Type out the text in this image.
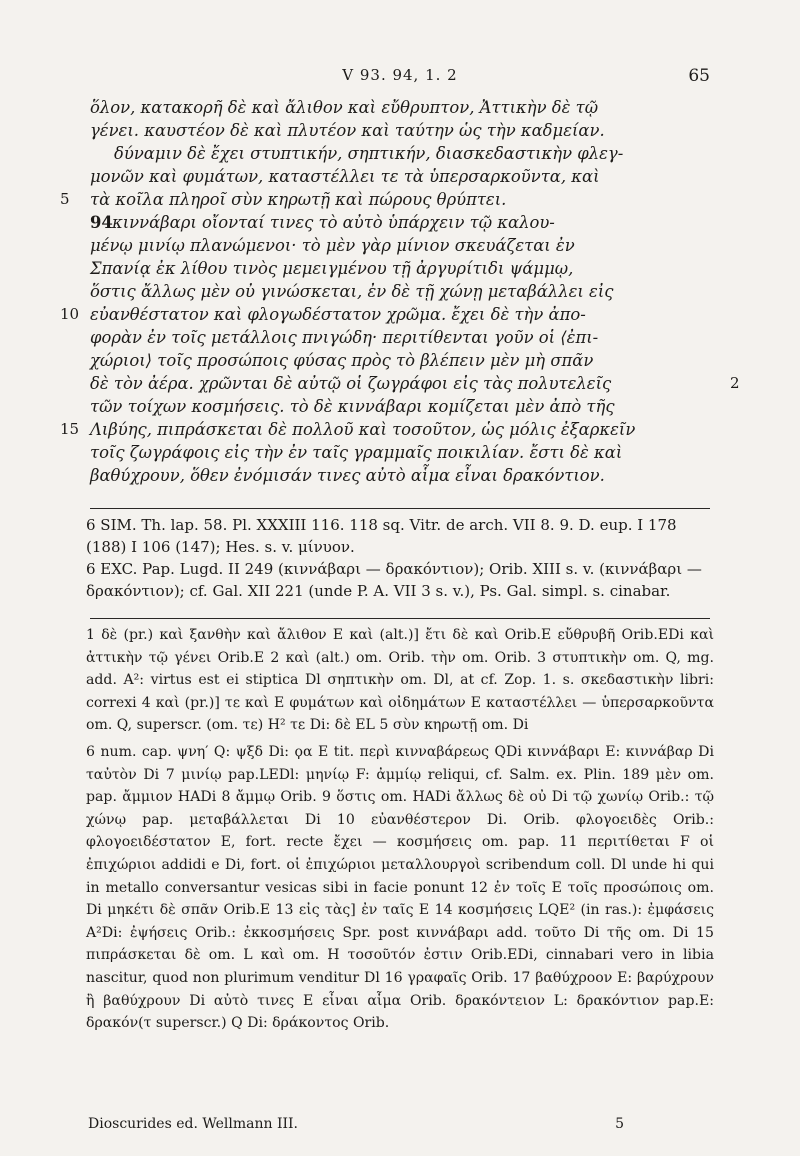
V 93. 94, 1. 2	65
ὅλον, κατακορῆ δὲ καὶ ἄλιθον καὶ εὔθρυπτον, Ἀττικὴν δὲ τῷ
γένει. καυστέον δὲ καὶ πλυτέον καὶ ταύτην ὡς τὴν καδμείαν.
δύναμιν δὲ ἔχει στυπτικήν, σηπτικήν, διασκεδαστικὴν φλεγ-
μονῶν καὶ φυμάτων, καταστέλλει τε τὰ ὑπερσαρκοῦντα, καὶ
5	τὰ κοῖλα πληροῖ σὺν κηρωτῇ καὶ πώρους θρύπτει.
94 κιννάβαρι οἴονταί τινες τὸ αὐτὸ ὑπάρχειν τῷ καλου-
μένῳ μινίῳ πλανώμενοι· τὸ μὲν γὰρ μίνιον σκευάζεται ἐν
Σπανίᾳ ἐκ λίθου τινὸς μεμειγμένου τῇ ἀργυρίτιδι ψάμμῳ,
ὅστις ἄλλως μὲν οὐ γινώσκεται, ἐν δὲ τῇ χώνῃ μεταβάλλει εἰς
10 εὐανθέστατον καὶ φλογωδέστατον χρῶμα. ἔχει δὲ τὴν ἀπο-
φορὰν ἐν τοῖς μετάλλοις πνιγώδη· περιτίθενται γοῦν οἱ ⟨ἐπι-
χώριοι⟩ τοῖς προσώποις φύσας πρὸς τὸ βλέπειν μὲν μὴ σπᾶν
δὲ τὸν ἀέρα. χρῶνται δὲ αὐτῷ οἱ ζωγράφοι εἰς τὰς πολυτελεῖς	2
τῶν τοίχων κοσμήσεις. τὸ δὲ κιννάβαρι κομίζεται μὲν ἀπὸ τῆς
15 Λιβύης, πιπράσκεται δὲ πολλοῦ καὶ τοσοῦτον, ὡς μόλις ἐξαρκεῖν
τοῖς ζωγράφοις εἰς τὴν ἐν ταῖς γραμμαῖς ποικιλίαν. ἔστι δὲ καὶ
βαθύχρουν, ὅθεν ἐνόμισάν τινες αὐτὸ αἷμα εἶναι δρακόντιον.

6 SIM. Th. lap. 58. Pl. XXXIII 116. 118 sq. Vitr. de arch. VII 8. 9. D. eup. I 178 (188) I 106 (147); Hes. s. v. μίνυον.

6 EXC. Pap. Lugd. II 249 (κιννάβαρι — δρακόντιον); Orib. XIII s. v. (κιννάβαρι — δρακόντιον); cf. Gal. XII 221 (unde P. A. VII 3 s. v.), Ps. Gal. simpl. s. cinabar.

1 δὲ (pr.) καὶ ξανθὴν καὶ ἄλιθον E καὶ (alt.)] ἔτι δὲ καὶ Orib.E εὔθρυβῆ Orib.EDi καὶ ἀττικὴν τῷ γένει Orib.E 2 καὶ (alt.) om. Orib. τὴν om. Orib. 3 στυπτικὴν om. Q, mg. add. A²: virtus est ei stiptica Dl σηπτικὴν om. Dl, at cf. Zop. 1. s. σκεδαστικὴν libri: correxi 4 καὶ (pr.)] τε καὶ E φυμάτων καὶ οἰδημάτων E καταστέλλει — ὑπερσαρκοῦντα om. Q, superscr. (om. τε) H² τε Di: δὲ EL 5 σὺν κηρωτῇ om. Di

6 num. cap. ψνη′ Q: ψξδ Di: ϙα E tit. περὶ κινναβάρεως QDi κιννάβαρι E: κιννάβαρ Di ταὐτὸν Di 7 μινίῳ pap.LEDl: μηνίῳ F: ἀμμίῳ reliqui, cf. Salm. ex. Plin. 189 μὲν om. pap. ἄμμιον HADi 8 ἄμμῳ Orib. 9 ὅστις om. HADi ἄλλως δὲ οὐ Di τῷ χωνίῳ Orib.: τῷ χώνῳ pap. μεταβάλλεται Di 10 εὐανθέστερον Di. Orib. φλογοειδὲς Orib.: φλογοειδέστατον E, fort. recte ἔχει — κοσμήσεις om. pap. 11 περιτίθεται F οἱ ἐπιχώριοι addidi e Di, fort. οἱ ἐπιχώριοι μεταλλουργοὶ scribendum coll. Dl unde hi qui in metallo conversantur vesicas sibi in facie ponunt 12 ἐν τοῖς E τοῖς προσώποις om. Di μηκέτι δὲ σπᾶν Orib.E 13 εἰς τὰς] ἐν ταῖς E 14 κοσμήσεις LQE² (in ras.): ἐμφάσεις A²Di: ἐψήσεις Orib.: ἐκκοσμήσεις Spr. post κιννάβαρι add. τοῦτο Di τῆς om. Di 15 πιπράσκεται δὲ om. L καὶ om. H τοσοῦτόν ἐστιν Orib.EDi, cinnabari vero in libia nascitur, quod non plurimum venditur Dl 16 γραφαῖς Orib. 17 βαθύχροον E: βαρύχρουν ἢ βαθύχρουν Di αὐτὸ τινες E εἶναι αἷμα Orib. δρακόντειον L: δρακόντιον pap.E: δρακόν(τ superscr.) Q Di: δράκοντος Orib.

Dioscurides ed. Wellmann III.	5
